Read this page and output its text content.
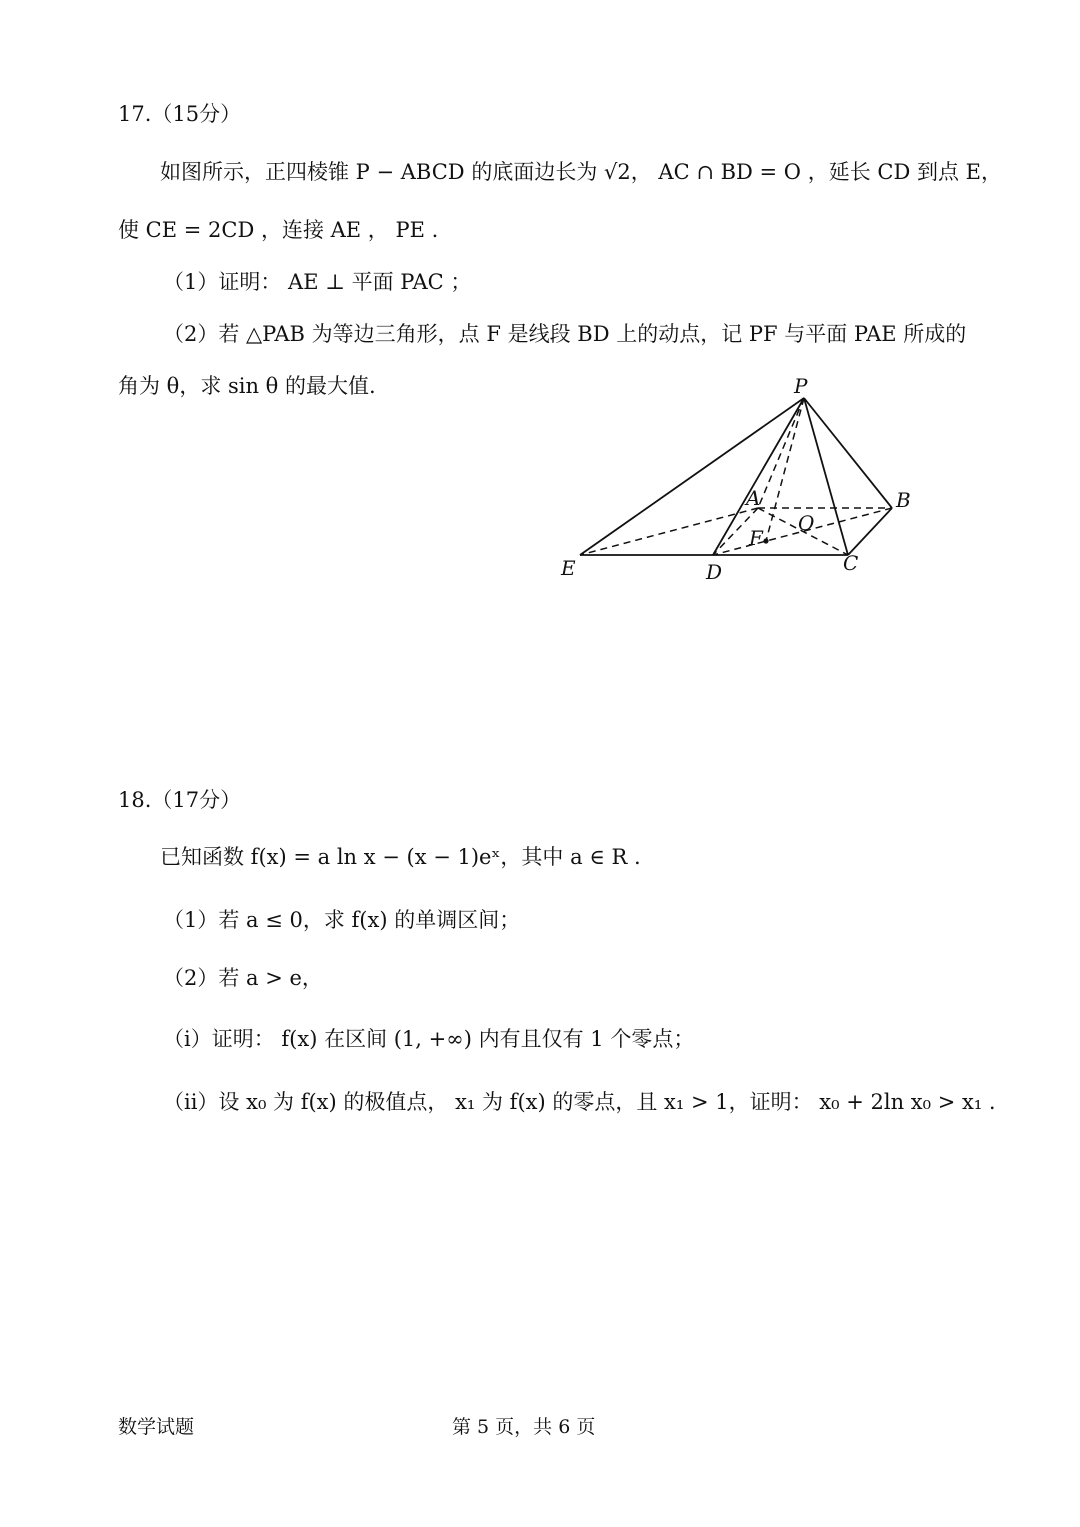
17.（15分）
如图所示，正四棱锥 P − ABCD 的底面边长为 √2， AC ∩ BD = O ，延长 CD 到点 E，
使 CE = 2CD ，连接 AE ， PE .
（1）证明： AE ⊥ 平面 PAC ；
（2）若 △PAB 为等边三角形，点 F 是线段 BD 上的动点，记 PF 与平面 PAE 所成的
角为 θ，求 sin θ 的最大值.	P
A	B
C
D
E
O
F
18.（17分）
已知函数 f(x) = a ln x − (x − 1)eˣ，其中 a ∈ R .
（1）若 a ≤ 0，求 f(x) 的单调区间；
（2）若 a > e，
（i）证明： f(x) 在区间 (1, +∞) 内有且仅有 1 个零点；
（ii）设 x₀ 为 f(x) 的极值点， x₁ 为 f(x) 的零点，且 x₁ > 1，证明： x₀ + 2ln x₀ > x₁ .
数学试题	第 5 页，共 6 页
